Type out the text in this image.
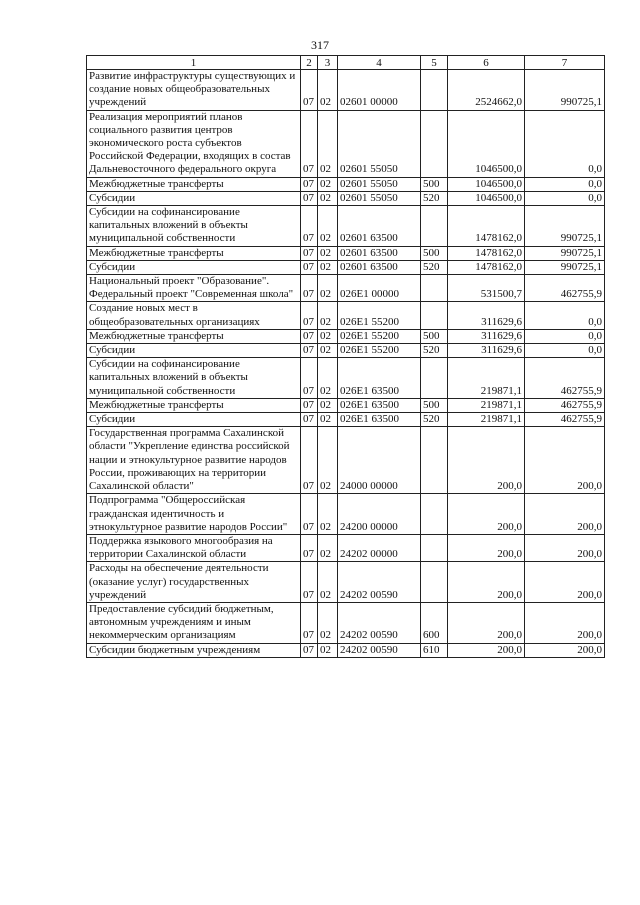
317
1	2	3	4	5	6	7
Развитие инфраструктуры существующих и создание новых общеобразовательных учреждений	07	02	02601 00000		2524662,0	990725,1
Реализация мероприятий планов социального развития центров экономического роста субъектов Российской Федерации, входящих в состав Дальневосточного федерального округа	07	02	02601 55050		1046500,0	0,0
Межбюджетные трансферты	07	02	02601 55050	500	1046500,0	0,0
Субсидии	07	02	02601 55050	520	1046500,0	0,0
Субсидии на софинансирование капитальных вложений в объекты муниципальной собственности	07	02	02601 63500		1478162,0	990725,1
Межбюджетные трансферты	07	02	02601 63500	500	1478162,0	990725,1
Субсидии	07	02	02601 63500	520	1478162,0	990725,1
Национальный проект "Образование". Федеральный проект "Современная школа"	07	02	026E1 00000		531500,7	462755,9
Создание новых мест в общеобразовательных организациях	07	02	026E1 55200		311629,6	0,0
Межбюджетные трансферты	07	02	026E1 55200	500	311629,6	0,0
Субсидии	07	02	026E1 55200	520	311629,6	0,0
Субсидии на софинансирование капитальных вложений в объекты муниципальной собственности	07	02	026E1 63500		219871,1	462755,9
Межбюджетные трансферты	07	02	026E1 63500	500	219871,1	462755,9
Субсидии	07	02	026E1 63500	520	219871,1	462755,9
Государственная программа Сахалинской области "Укрепление единства российской нации и этнокультурное развитие народов России, проживающих на территории Сахалинской области"	07	02	24000 00000		200,0	200,0
Подпрограмма "Общероссийская гражданская идентичность и этнокультурное развитие народов России"	07	02	24200 00000		200,0	200,0
Поддержка языкового многообразия на территории Сахалинской области	07	02	24202 00000		200,0	200,0
Расходы на обеспечение деятельности (оказание услуг) государственных учреждений	07	02	24202 00590		200,0	200,0
Предоставление субсидий бюджетным, автономным учреждениям и иным некоммерческим организациям	07	02	24202 00590	600	200,0	200,0
Субсидии бюджетным учреждениям	07	02	24202 00590	610	200,0	200,0
